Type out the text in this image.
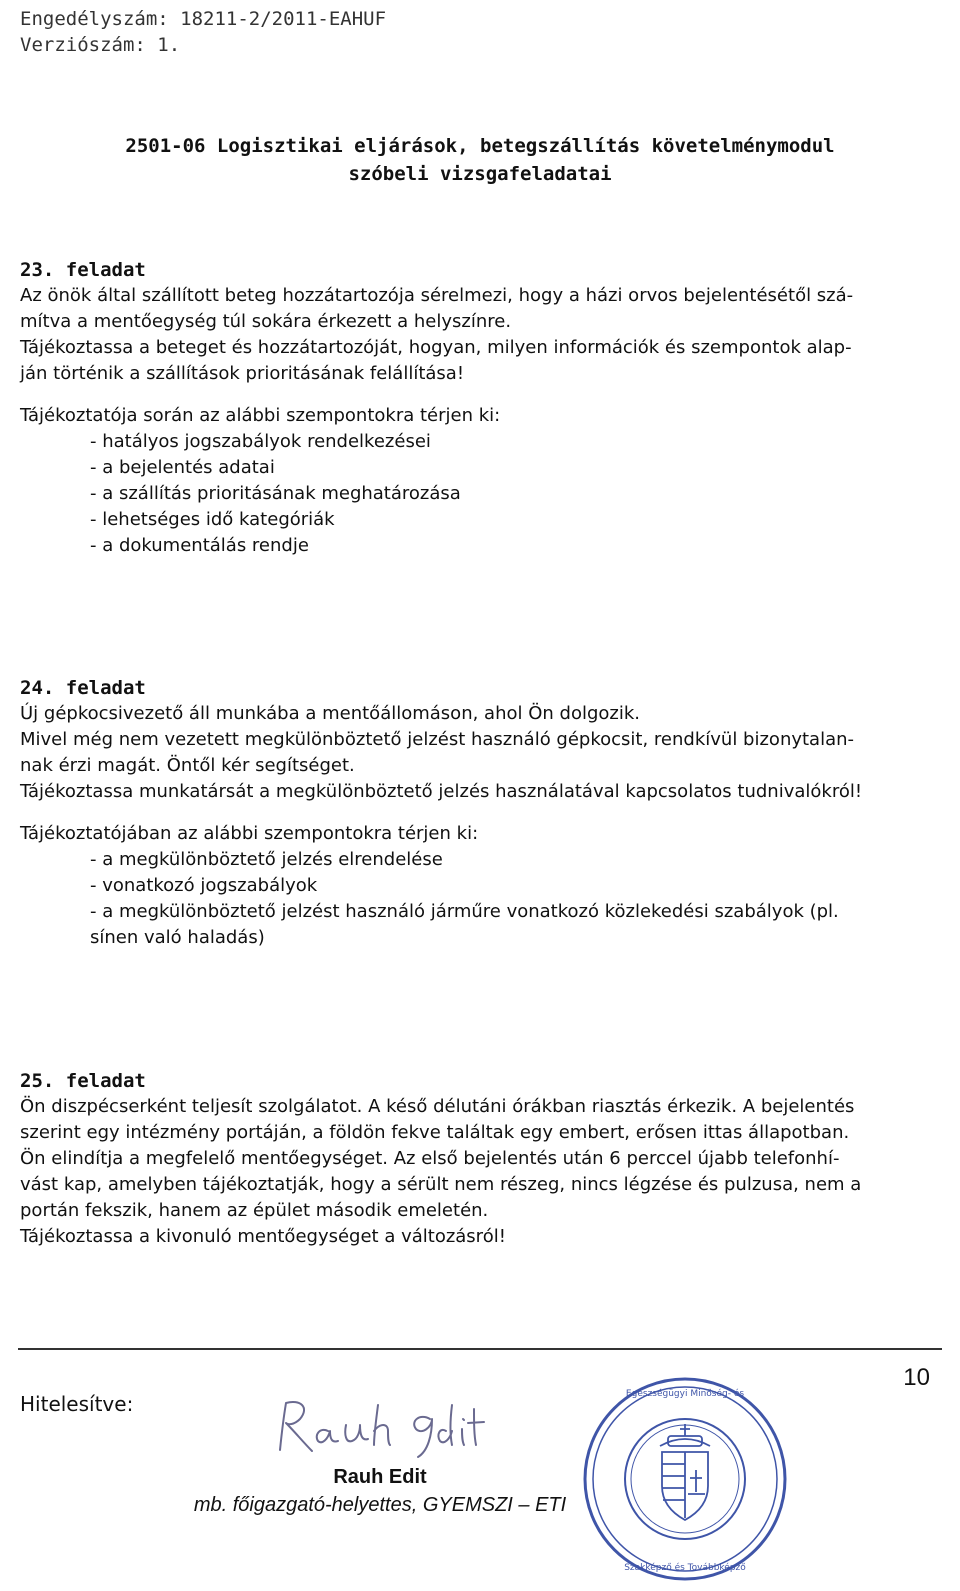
Engedélyszám: 18211-2/2011-EAHUF
Verziószám: 1.
2501-06 Logisztikai eljárások, betegszállítás követelménymodul
szóbeli vizsgafeladatai

23. feladat

Az önök által szállított beteg hozzátartozója sérelmezi, hogy a házi orvos bejelentésétől szá-

mítva a mentőegység túl sokára érkezett a helyszínre.

Tájékoztassa a beteget és hozzátartozóját, hogyan, milyen információk és szempontok alap-

ján történik a szállítások prioritásának felállítása!

Tájékoztatója során az alábbi szempontokra térjen ki:

- hatályos jogszabályok rendelkezései

- a bejelentés adatai

- a szállítás prioritásának meghatározása

- lehetséges idő kategóriák

- a dokumentálás rendje

24. feladat

Új gépkocsivezető áll munkába a mentőállomáson, ahol Ön dolgozik.

Mivel még nem vezetett megkülönböztető jelzést használó gépkocsit, rendkívül bizonytalan-

nak érzi magát. Öntől kér segítséget.

Tájékoztassa munkatársát a megkülönböztető jelzés használatával kapcsolatos tudnivalókról!

Tájékoztatójában az alábbi szempontokra térjen ki:

- a megkülönböztető jelzés elrendelése

- vonatkozó jogszabályok

- a megkülönböztető jelzést használó járműre vonatkozó közlekedési szabályok (pl.

sínen való haladás)

25. feladat

Ön diszpécserként teljesít szolgálatot. A késő délutáni órákban riasztás érkezik. A bejelentés

szerint egy intézmény portáján, a földön fekve találtak egy embert, erősen ittas állapotban.

Ön elindítja a megfelelő mentőegységet. Az első bejelentés után 6 perccel újabb telefonhí-

vást kap, amelyben tájékoztatják, hogy a sérült nem részeg, nincs légzése és pulzusa, nem a

portán fekszik, hanem az épület második emeletén.

Tájékoztassa a kivonuló mentőegységet a változásról!

10
Hitelesítve:
Rauh Edit
mb. főigazgató-helyettes, GYEMSZI – ETI
Egészségügyi Minőség- és
Szakképző és Továbbképző
